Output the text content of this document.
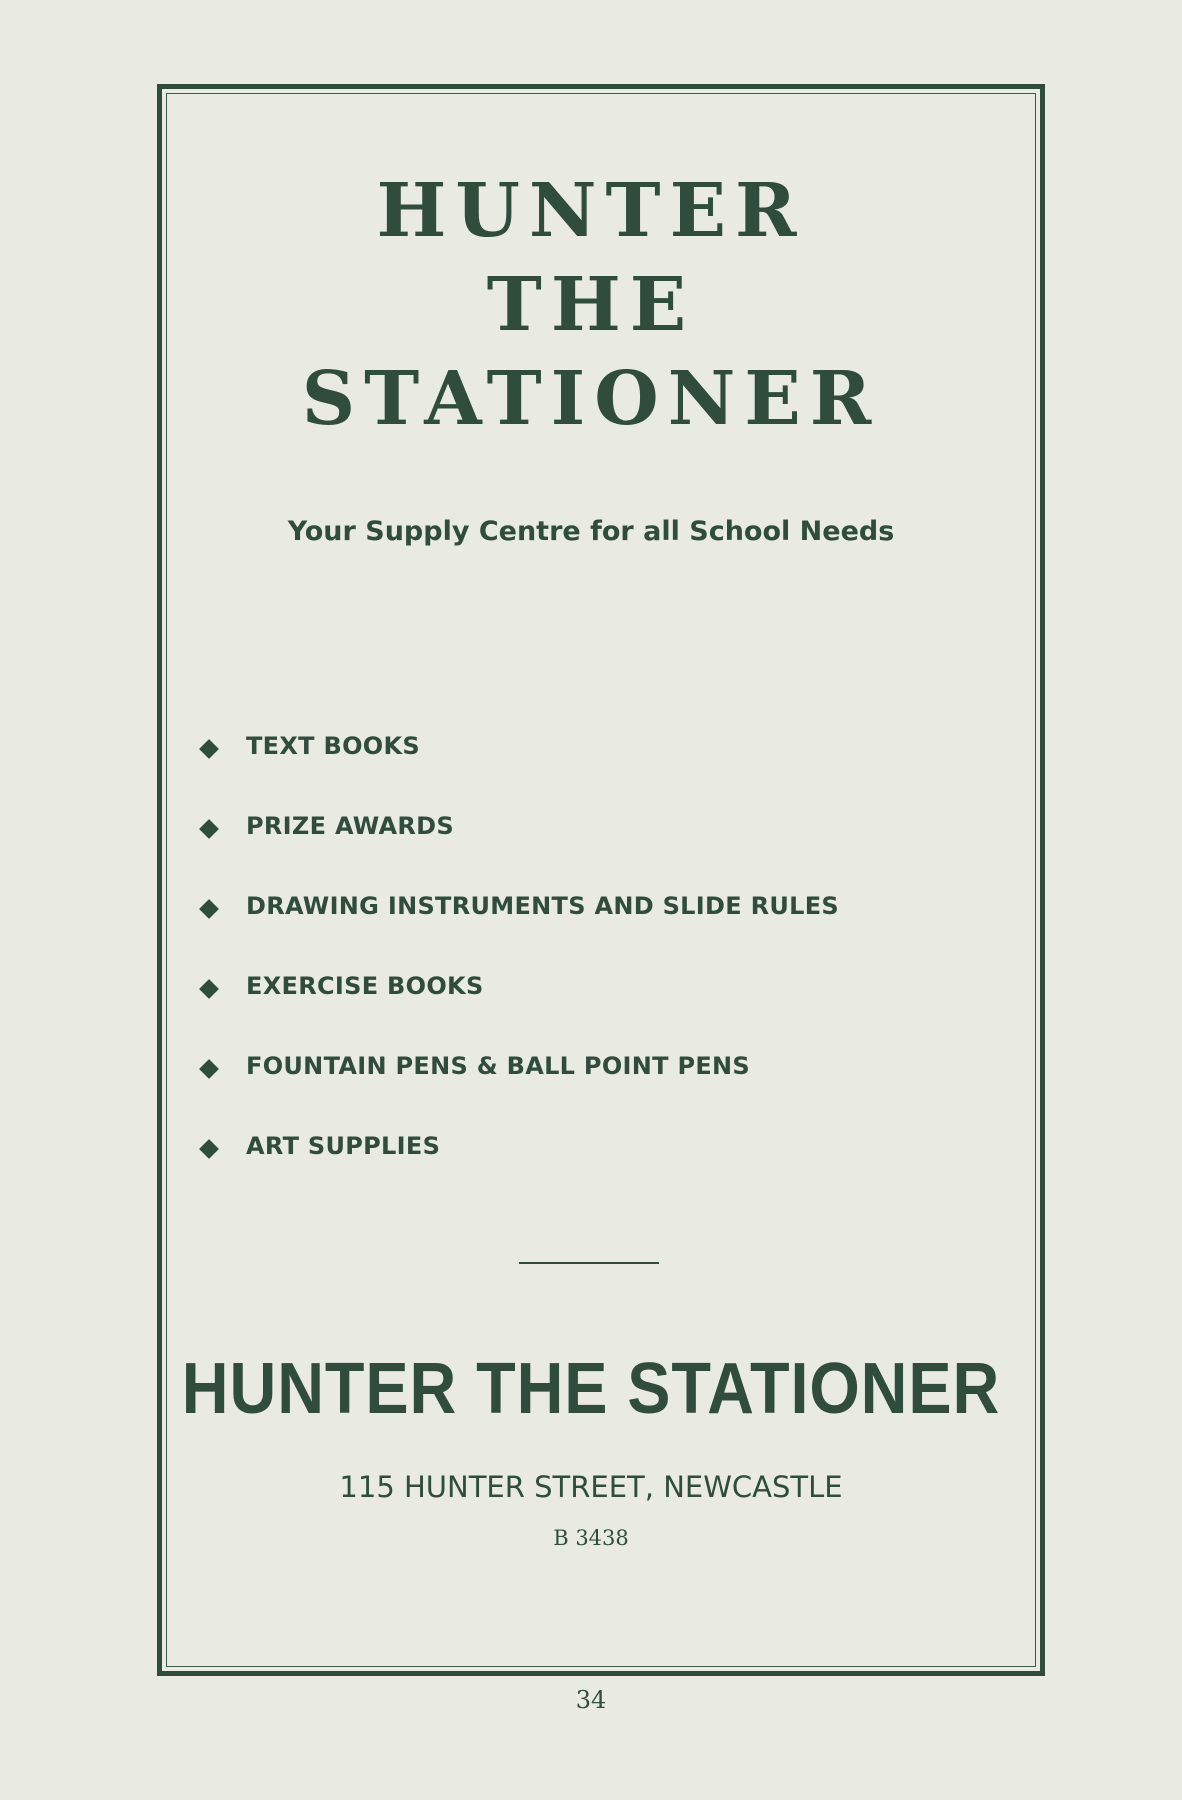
HUNTER
THE
STATIONER
Your Supply Centre for all School Needs
TEXT BOOKS
PRIZE AWARDS
DRAWING INSTRUMENTS AND SLIDE RULES
EXERCISE BOOKS
FOUNTAIN PENS & BALL POINT PENS
ART SUPPLIES
HUNTER THE STATIONER
115 HUNTER STREET, NEWCASTLE
B 3438
34
